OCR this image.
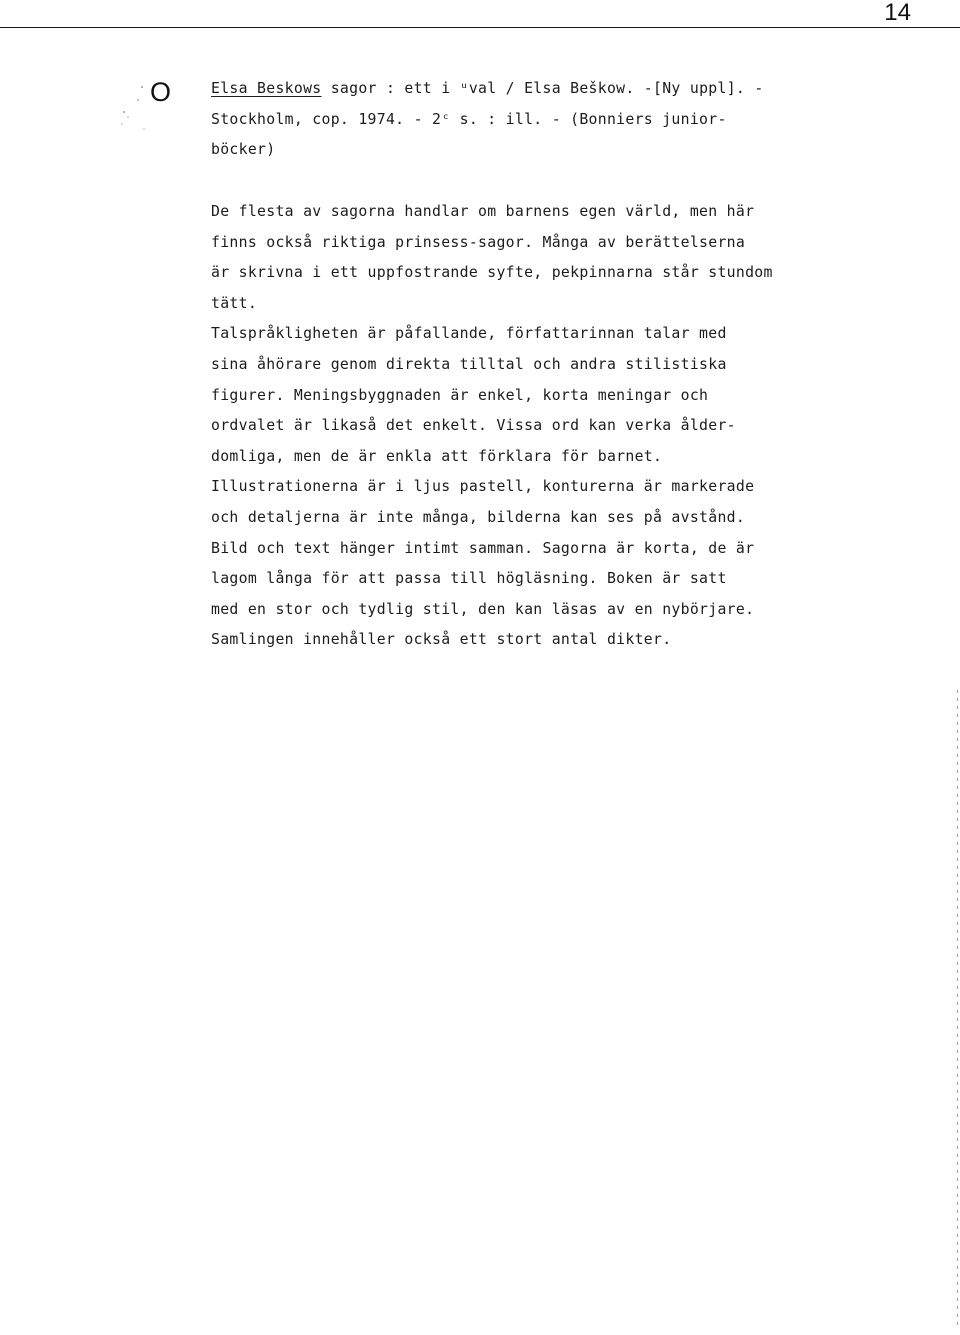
14
O	Elsa Beskows sagor : ett i ᵘval / Elsa Beškow. -[Ny uppl]. -
Stockholm, cop. 1974. - 2ᶜ s. : ill. - (Bonniers junior-
böcker)
De flesta av sagorna handlar om barnens egen värld, men här
finns också riktiga prinsess-sagor. Många av berättelserna
är skrivna i ett uppfostrande syfte, pekpinnarna står stundom
tätt.
Talspråkligheten är påfallande, författarinnan talar med
sina åhörare genom direkta tilltal och andra stilistiska
figurer. Meningsbyggnaden är enkel, korta meningar och
ordvalet är likaså det enkelt. Vissa ord kan verka ålder-
domliga, men de är enkla att förklara för barnet.
Illustrationerna är i ljus pastell, konturerna är markerade
och detaljerna är inte många, bilderna kan ses på avstånd.
Bild och text hänger intimt samman. Sagorna är korta, de är
lagom långa för att passa till högläsning. Boken är satt
med en stor och tydlig stil, den kan läsas av en nybörjare.
Samlingen innehåller också ett stort antal dikter.
